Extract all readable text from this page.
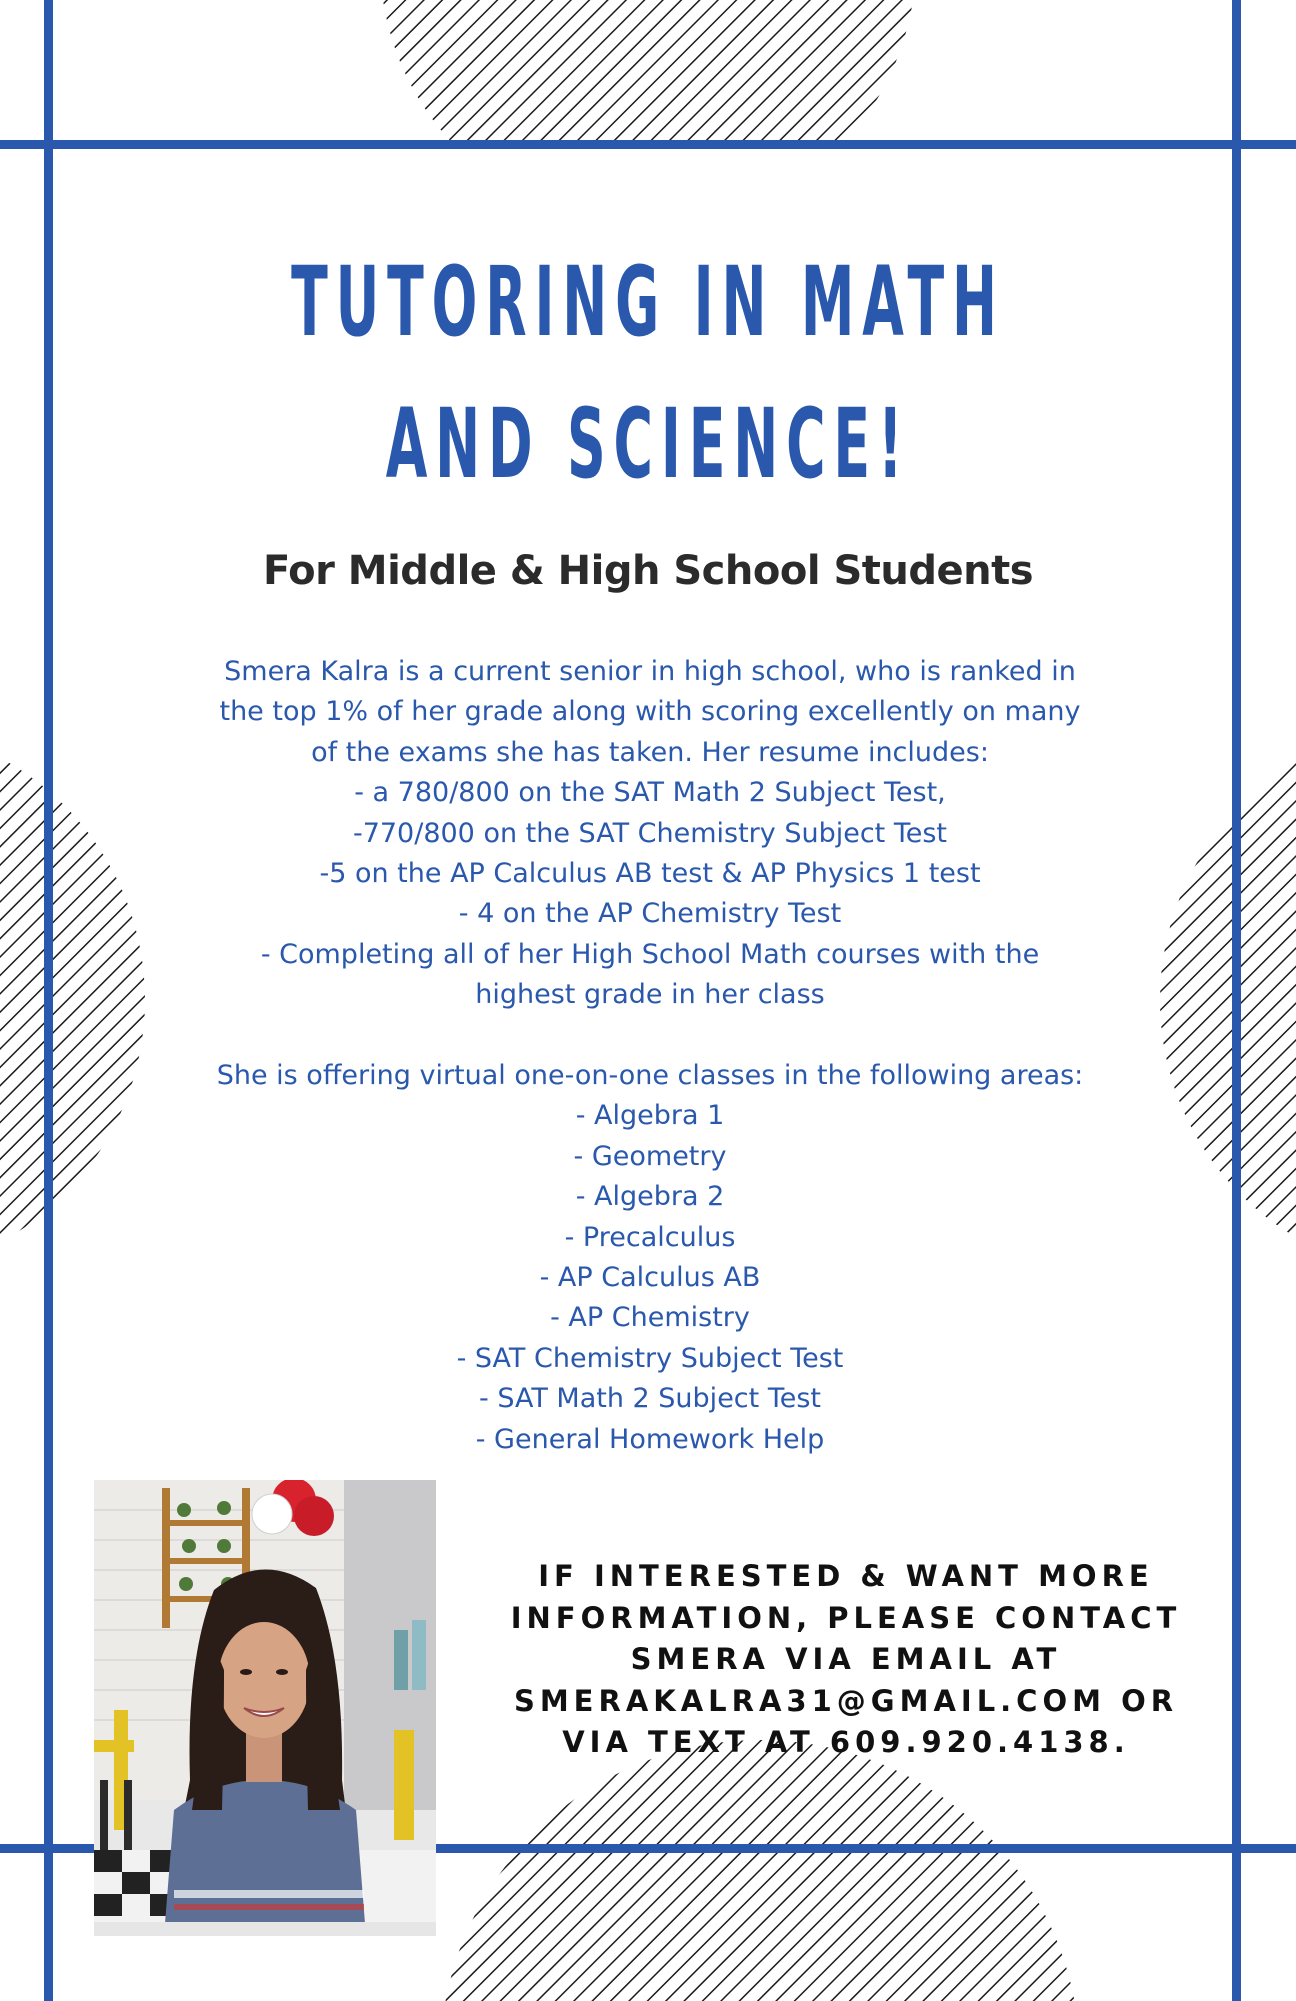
TUTORING IN MATH
AND SCIENCE!
For Middle & High School Students
Smera Kalra is a current senior in high school, who is ranked in
the top 1% of her grade along with scoring excellently on many
of the exams she has taken. Her resume includes:
- a 780/800 on the SAT Math 2 Subject Test,
-770/800 on the SAT Chemistry Subject Test
-5 on the AP Calculus AB test & AP Physics 1 test
- 4 on the AP Chemistry Test
- Completing all of her High School Math courses with the
highest grade in her class
She is offering virtual one-on-one classes in the following areas:
- Algebra 1
- Geometry
- Algebra 2
- Precalculus
- AP Calculus AB
- AP Chemistry
- SAT Chemistry Subject Test
- SAT Math 2 Subject Test
- General Homework Help
IF INTERESTED & WANT MORE
INFORMATION, PLEASE CONTACT
SMERA VIA EMAIL AT
SMERAKALRA31@GMAIL.COM OR
VIA TEXT AT 609.920.4138.
